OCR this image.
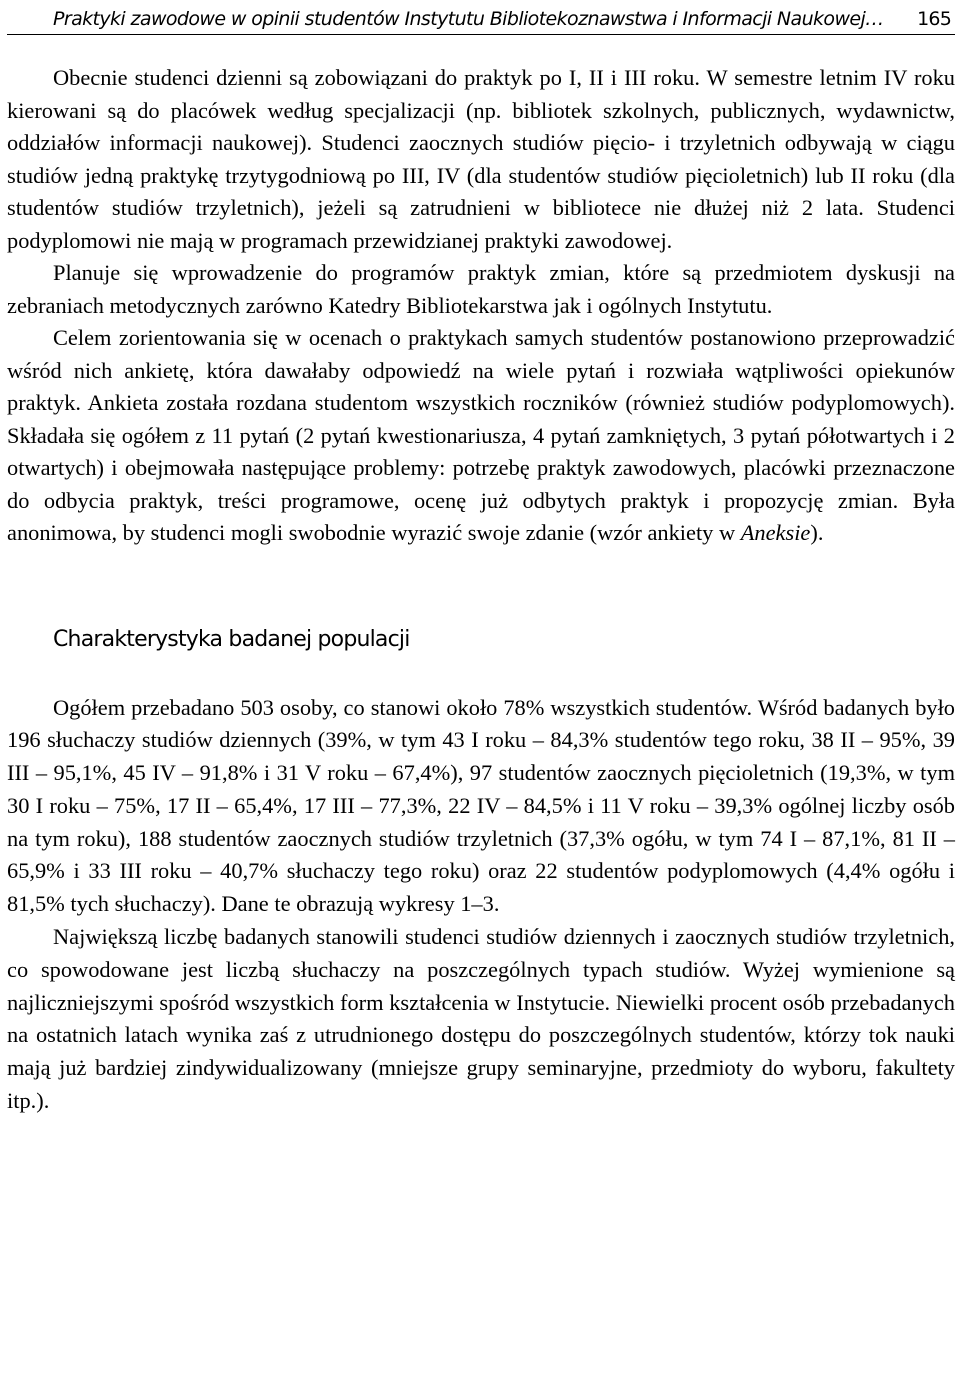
Praktyki zawodowe w opinii studentów Instytutu Bibliotekoznawstwa i Informacji Naukowej… 165

Obecnie studenci dzienni są zobowiązani do praktyk po I, II i III roku. W semestre letnim IV roku kierowani są do placówek według specjalizacji (np. bibliotek szkolnych, publicznych, wydawnictw, oddziałów informacji naukowej). Studenci zaocznych studiów pięcio- i trzyletnich odbywają w ciągu studiów jedną praktykę trzytygodniową po III, IV (dla studentów studiów pięcioletnich) lub II roku (dla studentów studiów trzyletnich), jeżeli są zatrudnieni w bibliotece nie dłużej niż 2 lata. Studenci podyplomowi nie mają w programach przewidzianej praktyki zawodowej.

Planuje się wprowadzenie do programów praktyk zmian, które są przedmiotem dyskusji na zebraniach metodycznych zarówno Katedry Bibliotekarstwa jak i ogólnych Instytutu.

Celem zorientowania się w ocenach o praktykach samych studentów postanowiono przeprowadzić wśród nich ankietę, która dawałaby odpowiedź na wiele pytań i rozwiała wątpliwości opiekunów praktyk. Ankieta została rozdana studentom wszystkich roczników (również studiów podyplomowych). Składała się ogółem z 11 pytań (2 pytań kwestionariusza, 4 pytań zamkniętych, 3 pytań półotwartych i 2 otwartych) i obejmowała następujące problemy: potrzebę praktyk zawodowych, placówki przeznaczone do odbycia praktyk, treści programowe, ocenę już odbytych praktyk i propozycję zmian. Była anonimowa, by studenci mogli swobodnie wyrazić swoje zdanie (wzór ankiety w Aneksie).

Charakterystyka badanej populacji

Ogółem przebadano 503 osoby, co stanowi około 78% wszystkich studentów. Wśród badanych było 196 słuchaczy studiów dziennych (39%, w tym 43 I roku – 84,3% studentów tego roku, 38 II – 95%, 39 III – 95,1%, 45 IV – 91,8% i 31 V roku – 67,4%), 97 studentów zaocznych pięcioletnich (19,3%, w tym 30 I roku – 75%, 17 II – 65,4%, 17 III – 77,3%, 22 IV – 84,5% i 11 V roku – 39,3% ogólnej liczby osób na tym roku), 188 studentów zaocznych studiów trzyletnich (37,3% ogółu, w tym 74 I – 87,1%, 81 II – 65,9% i 33 III roku – 40,7% słuchaczy tego roku) oraz 22 studentów podyplomowych (4,4% ogółu i 81,5% tych słuchaczy). Dane te obrazują wykresy 1–3.

Największą liczbę badanych stanowili studenci studiów dziennych i zaocznych studiów trzyletnich, co spowodowane jest liczbą słuchaczy na poszczególnych typach studiów. Wyżej wymienione są najliczniejszymi spośród wszystkich form kształcenia w Instytucie. Niewielki procent osób przebadanych na ostatnich latach wynika zaś z utrudnionego dostępu do poszczególnych studentów, którzy tok nauki mają już bardziej zindywidualizowany (mniejsze grupy seminaryjne, przedmioty do wyboru, fakultety itp.).
